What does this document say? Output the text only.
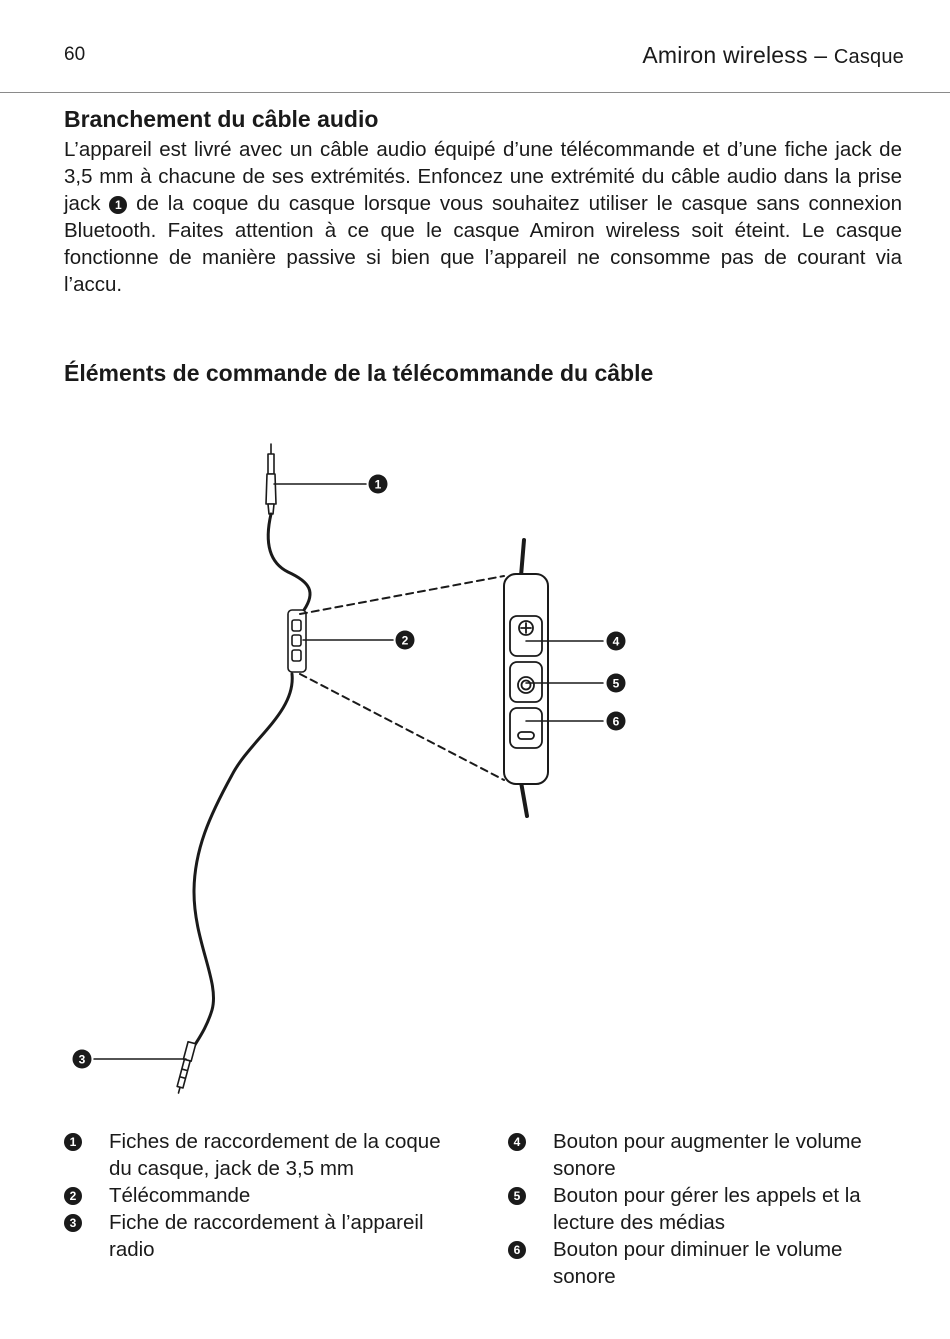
60	Amiron wireless – Casque
Branchement du câble audio

L’appareil est livré avec un câble audio équipé d’une télécommande et d’une fiche jack de 3,5 mm à chacune de ses extrémités. Enfoncez une extrémité du câble audio dans la prise jack 1 de la coque du casque lorsque vous souhaitez utiliser le casque sans connexion Bluetooth. Faites attention à ce que le casque Amiron wireless soit éteint. Le casque fonctionne de manière passive si bien que l’appareil ne consomme pas de courant via l’accu.

Éléments de commande de la télécommande du câble
1
2
3
4
5
6
1 Fiches de raccordement de la coque du casque, jack de 3,5 mm
2 Télécommande
3 Fiche de raccordement à l’appareil radio
4 Bouton pour augmenter le volume sonore
5 Bouton pour gérer les appels et la lecture des médias
6 Bouton pour diminuer le volume sonore
